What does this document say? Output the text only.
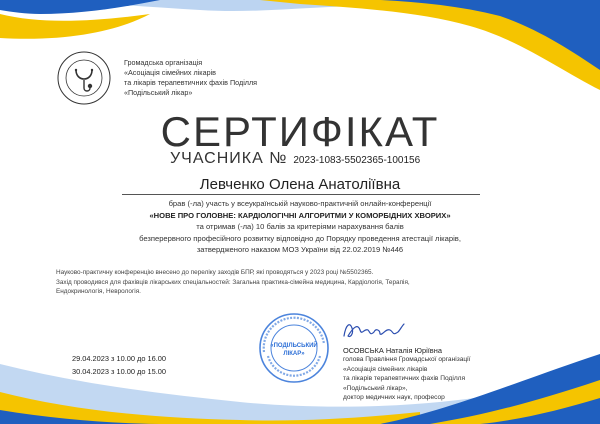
Громадська організація
«Асоціація сімейних лікарів
та лікарів терапевтичних фахів Поділля
«Подільський лікар»
СЕРТИФІКАТ
УЧАСНИКА № 2023-1083-5502365-100156
Левченко Олена Анатоліївна
брав (-ла) участь у всеукраїнській науково-практичній онлайн-конференції
«НОВЕ ПРО ГОЛОВНЕ: КАРДІОЛОГІЧНІ АЛГОРИТМИ У КОМОРБІДНИХ ХВОРИХ»
та отримав (-ла) 10 балів за критеріями нарахування балів
безперервного професійного розвитку відповідно до Порядку проведення атестації лікарів,
затвердженого наказом МОЗ України від 22.02.2019 №446
Науково-практичну конференцію внесено до переліку заходів БПР, які проводяться у 2023 році №5502365.
Захід проводився для фахівців лікарських спеціальностей: Загальна практика-сімейна медицина, Кардіологія, Терапія,
Ендокринологія, Неврологія.
«ПОДІЛЬСЬКИЙ
ЛІКАР»
29.04.2023 з 10.00 до 16.00
30.04.2023 з 10.00 до 15.00
ОСОВСЬКА Наталія Юріївна
голова Правління Громадської організації
«Асоціація сімейних лікарів
та лікарів терапевтичних фахів Поділля
«Подільський лікар»,
доктор медичних наук, професор
